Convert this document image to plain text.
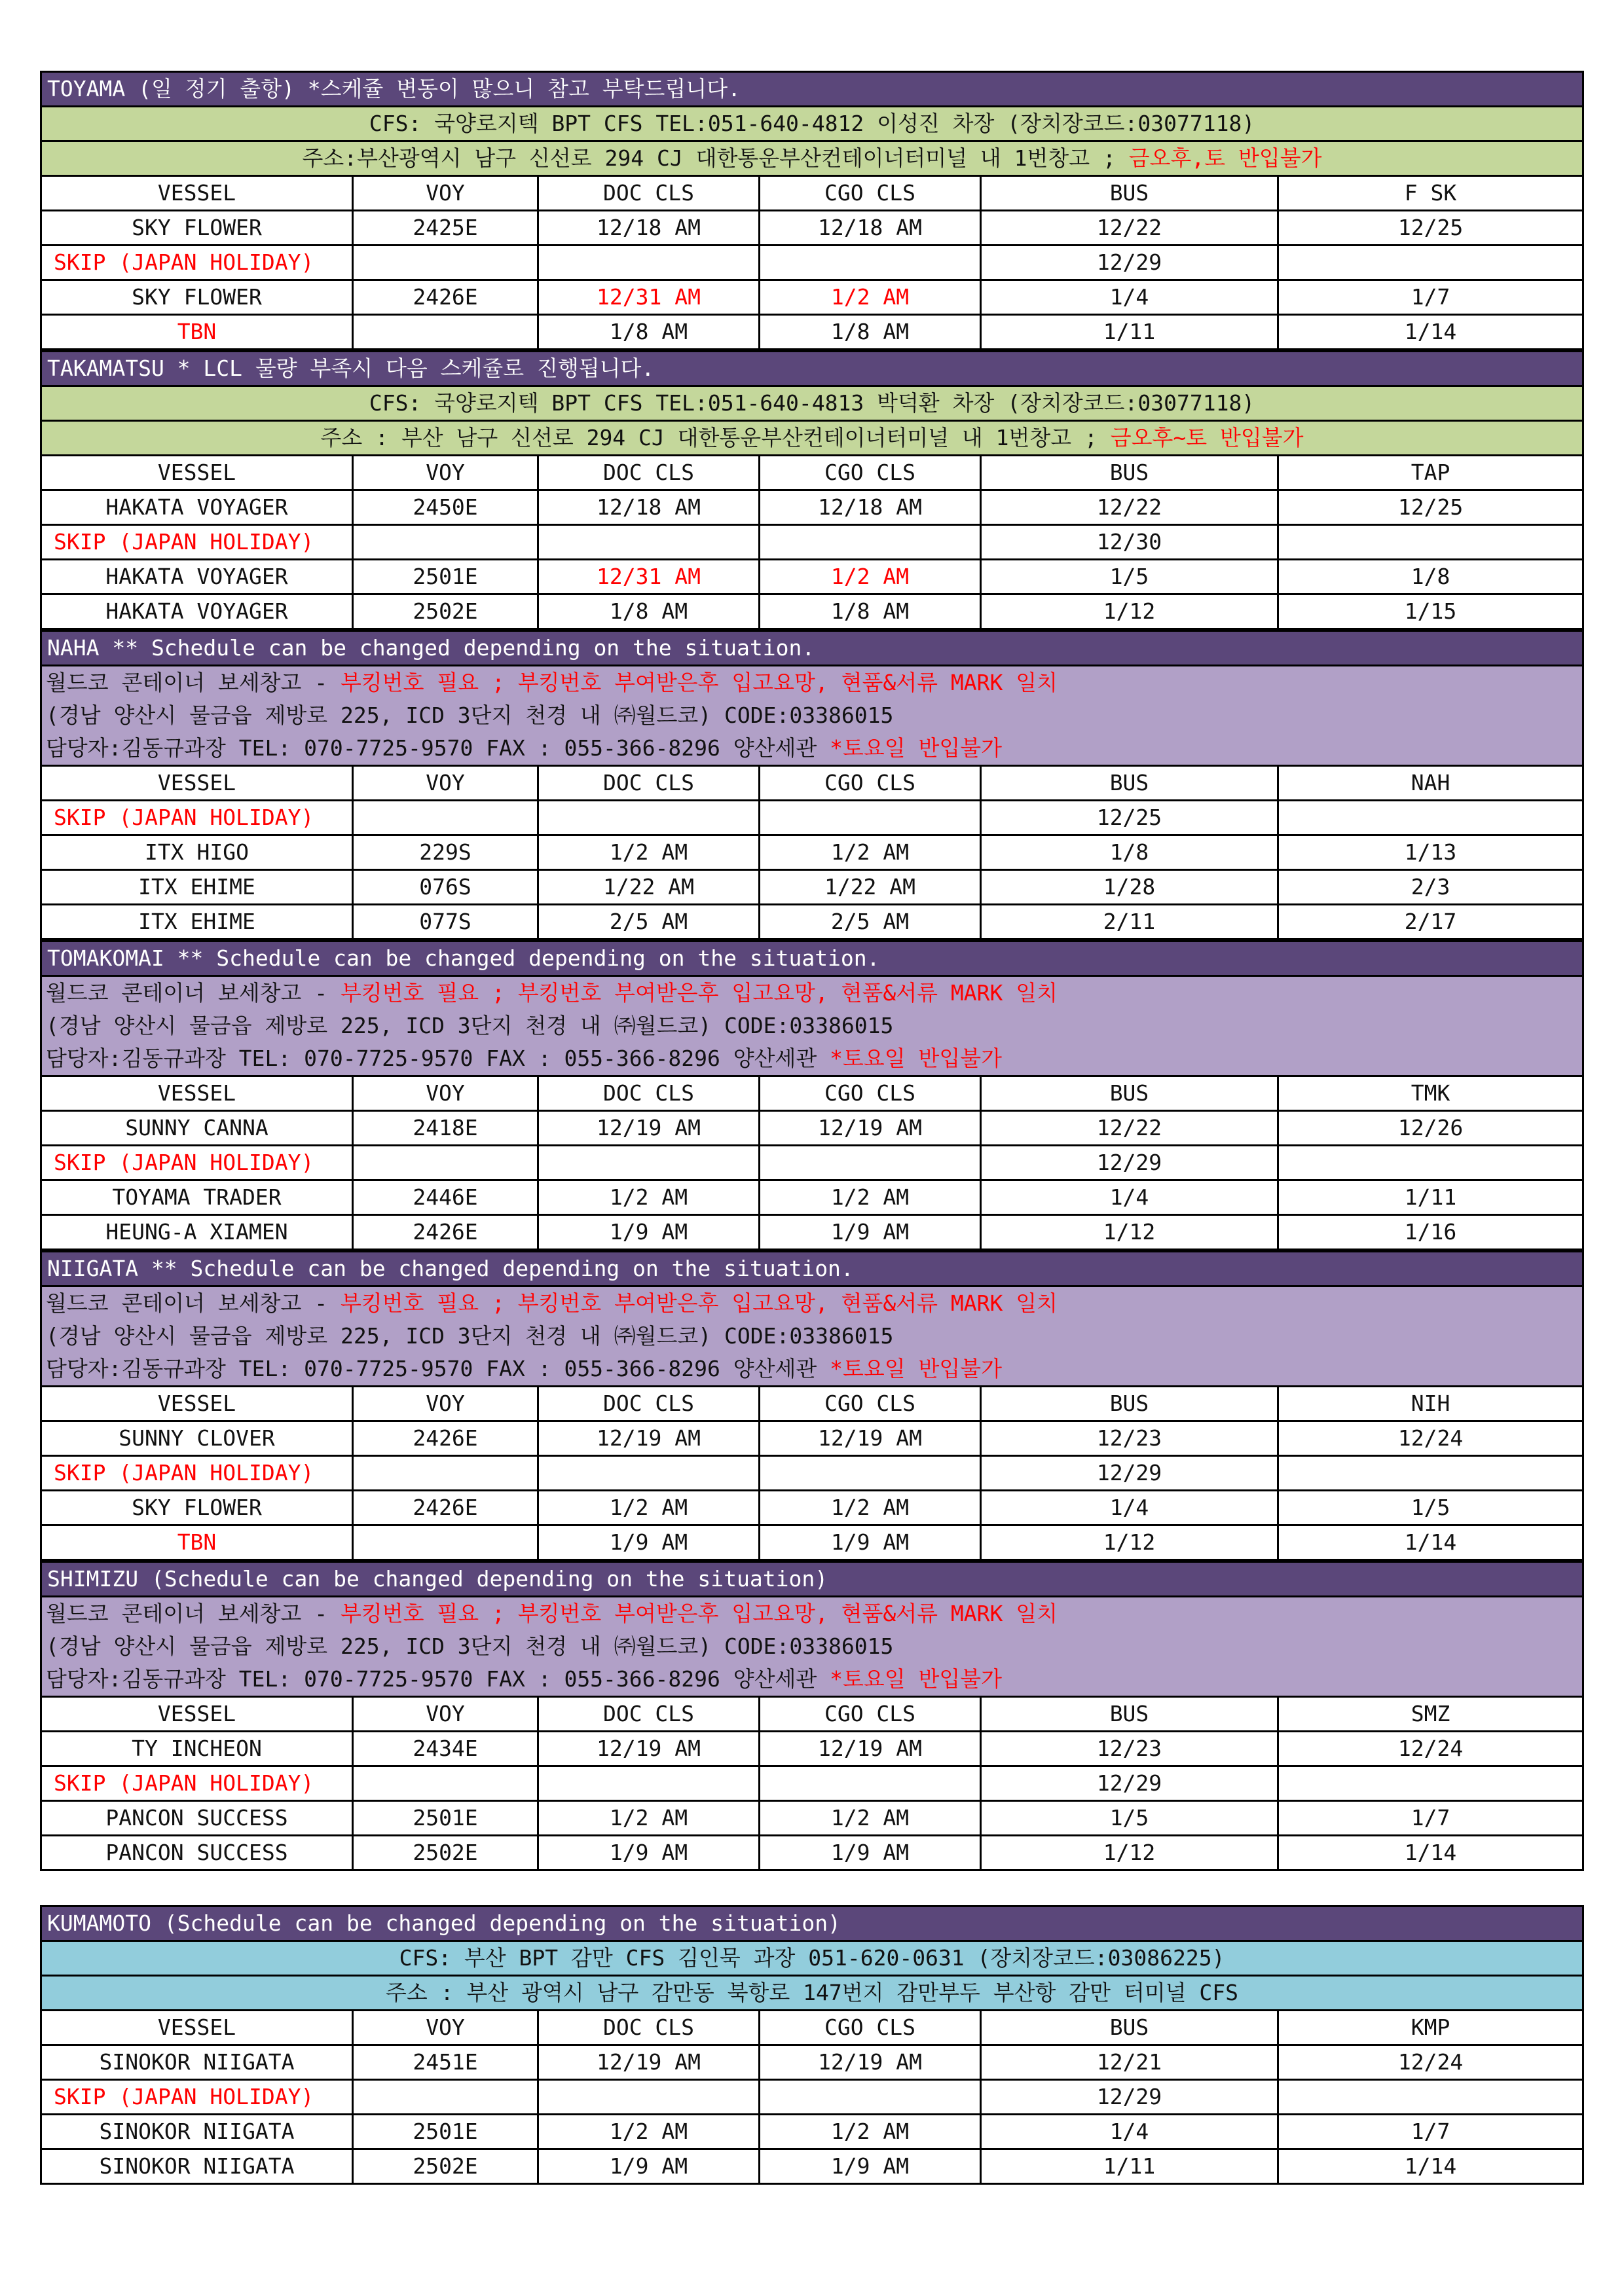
TOYAMA (일 정기 출항) *스케쥴 변동이 많으니 참고 부탁드립니다.					
CFS: 국양로지텍 BPT CFS TEL:051-640-4812 이성진 차장 (장치장코드:03077118)					
주소:부산광역시 남구 신선로 294 CJ 대한통운부산컨테이너터미널 내 1번창고 ; 금오후,토 반입불가					
VESSEL	VOY	DOC CLS	CGO CLS	BUS	F SK
SKY FLOWER	2425E	12/18 AM	12/18 AM	12/22	12/25
SKIP (JAPAN HOLIDAY)				12/29	
SKY FLOWER	2426E	12/31 AM	1/2 AM	1/4	1/7
TBN		1/8 AM	1/8 AM	1/11	1/14
TAKAMATSU * LCL 물량 부족시 다음 스케쥴로 진행됩니다.					
CFS: 국양로지텍 BPT CFS TEL:051-640-4813 박덕환 차장 (장치장코드:03077118)					
주소 : 부산 남구 신선로 294 CJ 대한통운부산컨테이너터미널 내 1번창고 ; 금오후~토 반입불가					
VESSEL	VOY	DOC CLS	CGO CLS	BUS	TAP
HAKATA VOYAGER	2450E	12/18 AM	12/18 AM	12/22	12/25
SKIP (JAPAN HOLIDAY)				12/30	
HAKATA VOYAGER	2501E	12/31 AM	1/2 AM	1/5	1/8
HAKATA VOYAGER	2502E	1/8 AM	1/8 AM	1/12	1/15
NAHA ** Schedule can be changed depending on the situation.					
월드코 콘테이너 보세창고 - 부킹번호 필요 ; 부킹번호 부여받은후 입고요망, 현품&서류 MARK 일치					
(경남 양산시 물금읍 제방로 225, ICD 3단지 천경 내 ㈜월드코) CODE:03386015					
담당자:김동규과장 TEL: 070-7725-9570 FAX : 055-366-8296 양산세관 *토요일 반입불가					
VESSEL	VOY	DOC CLS	CGO CLS	BUS	NAH
SKIP (JAPAN HOLIDAY)				12/25	
ITX HIGO	229S	1/2 AM	1/2 AM	1/8	1/13
ITX EHIME	076S	1/22 AM	1/22 AM	1/28	2/3
ITX EHIME	077S	2/5 AM	2/5 AM	2/11	2/17
TOMAKOMAI ** Schedule can be changed depending on the situation.					
월드코 콘테이너 보세창고 - 부킹번호 필요 ; 부킹번호 부여받은후 입고요망, 현품&서류 MARK 일치					
(경남 양산시 물금읍 제방로 225, ICD 3단지 천경 내 ㈜월드코) CODE:03386015					
담당자:김동규과장 TEL: 070-7725-9570 FAX : 055-366-8296 양산세관 *토요일 반입불가					
VESSEL	VOY	DOC CLS	CGO CLS	BUS	TMK
SUNNY CANNA	2418E	12/19 AM	12/19 AM	12/22	12/26
SKIP (JAPAN HOLIDAY)				12/29	
TOYAMA TRADER	2446E	1/2 AM	1/2 AM	1/4	1/11
HEUNG-A XIAMEN	2426E	1/9 AM	1/9 AM	1/12	1/16
NIIGATA ** Schedule can be changed depending on the situation.					
월드코 콘테이너 보세창고 - 부킹번호 필요 ; 부킹번호 부여받은후 입고요망, 현품&서류 MARK 일치					
(경남 양산시 물금읍 제방로 225, ICD 3단지 천경 내 ㈜월드코) CODE:03386015					
담당자:김동규과장 TEL: 070-7725-9570 FAX : 055-366-8296 양산세관 *토요일 반입불가					
VESSEL	VOY	DOC CLS	CGO CLS	BUS	NIH
SUNNY CLOVER	2426E	12/19 AM	12/19 AM	12/23	12/24
SKIP (JAPAN HOLIDAY)				12/29	
SKY FLOWER	2426E	1/2 AM	1/2 AM	1/4	1/5
TBN		1/9 AM	1/9 AM	1/12	1/14
SHIMIZU (Schedule can be changed depending on the situation)					
월드코 콘테이너 보세창고 - 부킹번호 필요 ; 부킹번호 부여받은후 입고요망, 현품&서류 MARK 일치					
(경남 양산시 물금읍 제방로 225, ICD 3단지 천경 내 ㈜월드코) CODE:03386015					
담당자:김동규과장 TEL: 070-7725-9570 FAX : 055-366-8296 양산세관 *토요일 반입불가					
VESSEL	VOY	DOC CLS	CGO CLS	BUS	SMZ
TY INCHEON	2434E	12/19 AM	12/19 AM	12/23	12/24
SKIP (JAPAN HOLIDAY)				12/29	
PANCON SUCCESS	2501E	1/2 AM	1/2 AM	1/5	1/7
PANCON SUCCESS	2502E	1/9 AM	1/9 AM	1/12	1/14
KUMAMOTO (Schedule can be changed depending on the situation)					
CFS: 부산 BPT 감만 CFS 김인묵 과장 051-620-0631 (장치장코드:03086225)					
주소 : 부산 광역시 남구 감만동 북항로 147번지 감만부두 부산항 감만 터미널 CFS					
VESSEL	VOY	DOC CLS	CGO CLS	BUS	KMP
SINOKOR NIIGATA	2451E	12/19 AM	12/19 AM	12/21	12/24
SKIP (JAPAN HOLIDAY)				12/29	
SINOKOR NIIGATA	2501E	1/2 AM	1/2 AM	1/4	1/7
SINOKOR NIIGATA	2502E	1/9 AM	1/9 AM	1/11	1/14
